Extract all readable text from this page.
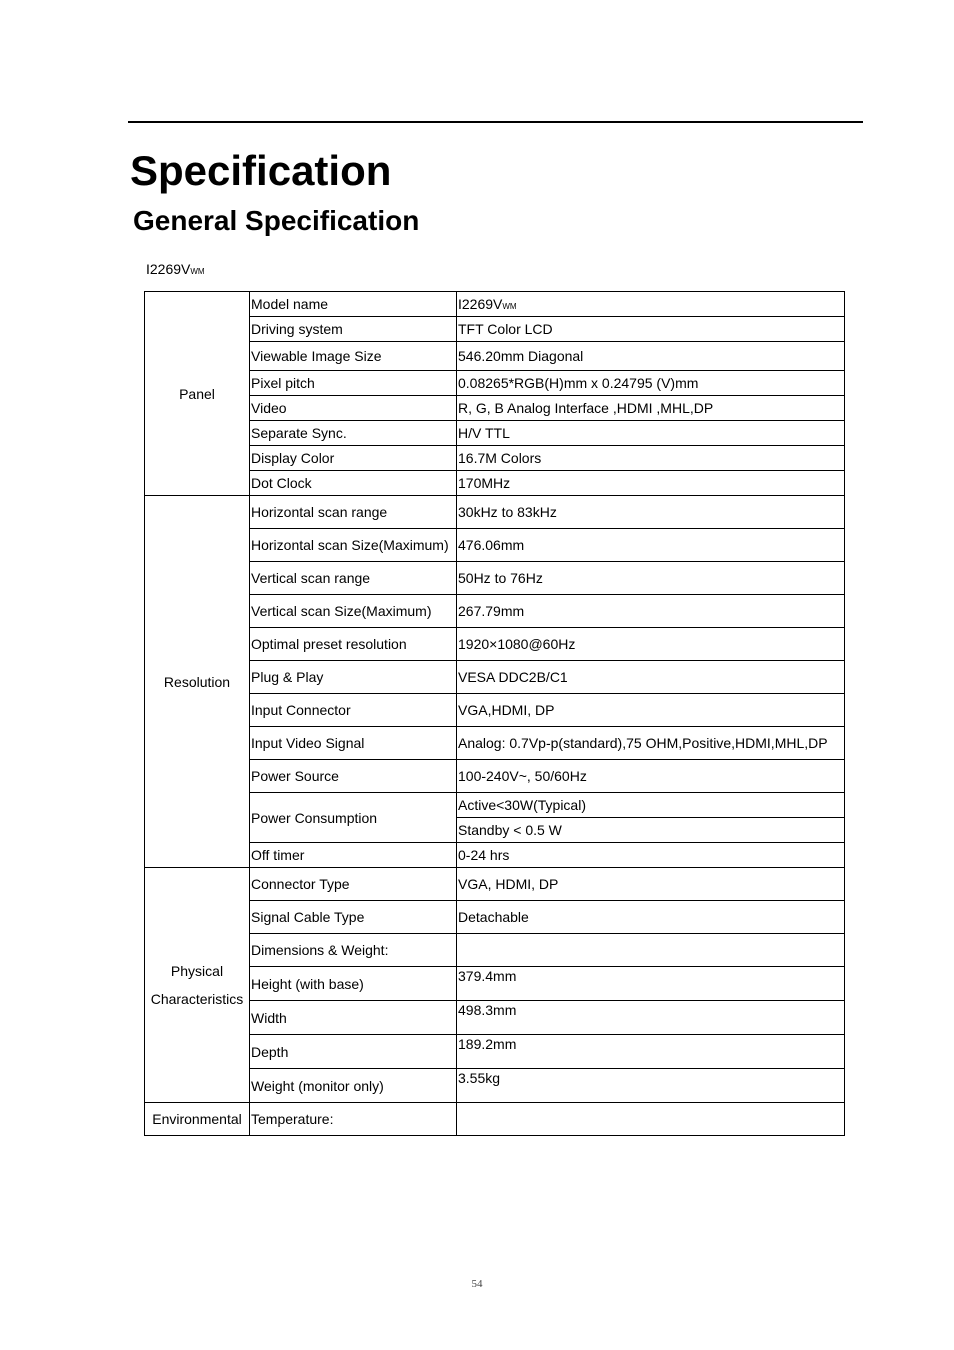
Specification
General Specification
I2269VWM
Panel	Model name	I2269VWM
	Driving system	TFT Color LCD
	Viewable Image Size	546.20mm Diagonal
	Pixel pitch	0.08265*RGB(H)mm x 0.24795 (V)mm
	Video	R, G, B Analog Interface ,HDMI ,MHL,DP
	Separate Sync.	H/V TTL
	Display Color	16.7M Colors
	Dot Clock	170MHz
Resolution	Horizontal scan range	30kHz to 83kHz
	Horizontal scan Size(Maximum)	476.06mm
	Vertical scan range	50Hz to 76Hz
	Vertical scan Size(Maximum)	267.79mm
	Optimal preset resolution	1920×1080@60Hz
	Plug & Play	VESA DDC2B/C1
	Input Connector	VGA,HDMI, DP
	Input Video Signal	Analog: 0.7Vp-p(standard),75 OHM,Positive,HDMI,MHL,DP
	Power Source	100-240V~, 50/60Hz
	Power Consumption	Active<30W(Typical)
		Standby < 0.5 W
	Off timer	0-24 hrs
Physical
Characteristics	Connector Type	VGA, HDMI, DP
	Signal Cable Type	Detachable
	Dimensions & Weight:	
	Height (with base)	379.4mm
	Width	498.3mm
	Depth	189.2mm
	Weight (monitor only)	3.55kg
Environmental	Temperature:	
54
